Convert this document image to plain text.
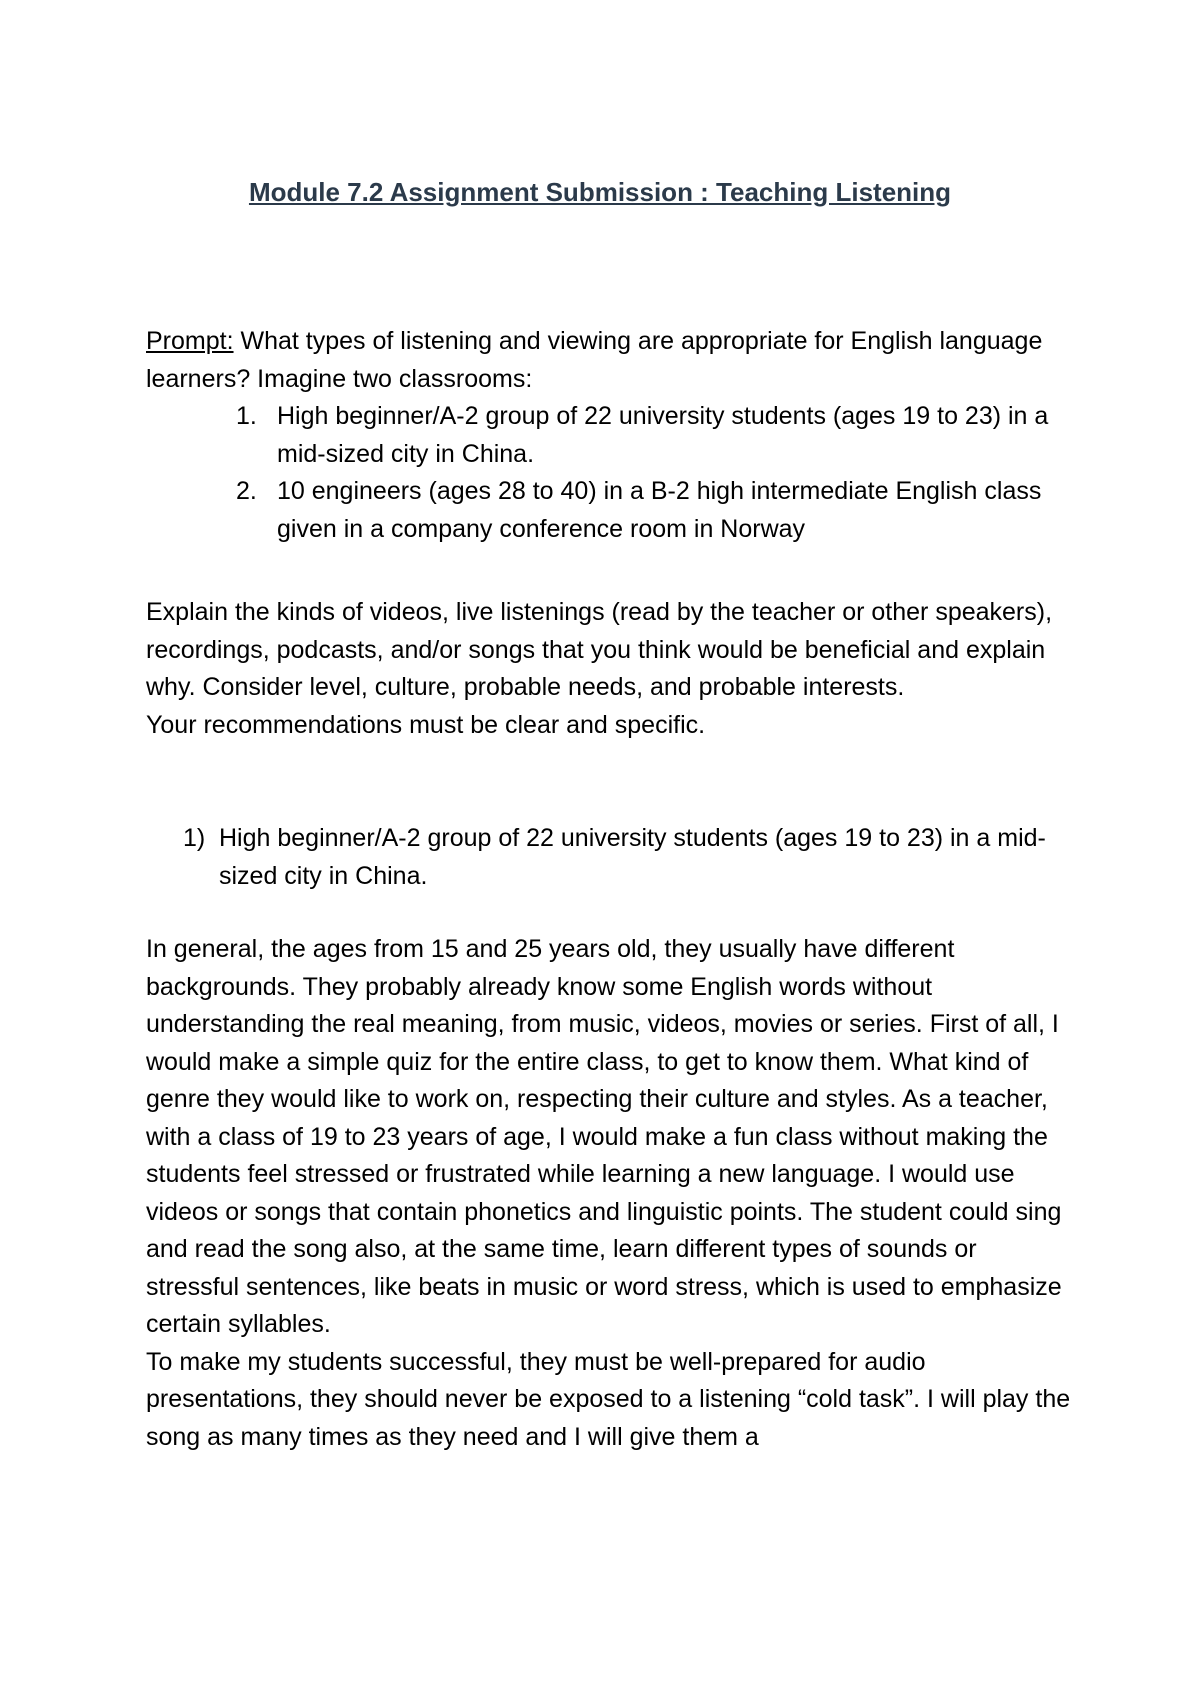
Module 7.2 Assignment Submission : Teaching Listening

Prompt: What types of listening and viewing are appropriate for English language learners? Imagine two classrooms:

1. High beginner/A-2 group of 22 university students (ages 19 to 23) in a mid-sized city in China.
2. 10 engineers (ages 28 to 40) in a B-2 high intermediate English class given in a company conference room in Norway

Explain the kinds of videos, live listenings (read by the teacher or other speakers), recordings, podcasts, and/or songs that you think would be beneficial and explain why. Consider level, culture, probable needs, and probable interests.

Your recommendations must be clear and specific.

1) High beginner/A-2 group of 22 university students (ages 19 to 23) in a mid-sized city in China.

In general, the ages from 15 and 25 years old, they usually have different backgrounds. They probably already know some English words without understanding the real meaning, from music, videos, movies or series. First of all, I would make a simple quiz for the entire class, to get to know them. What kind of genre they would like to work on, respecting their culture and styles. As a teacher, with a class of 19 to 23 years of age, I would make a fun class without making the students feel stressed or frustrated while learning a new language. I would use videos or songs that contain phonetics and linguistic points. The student could sing and read the song also, at the same time, learn different types of sounds or stressful sentences, like beats in music or word stress, which is used to emphasize certain syllables.

To make my students successful, they must be well-prepared for audio presentations, they should never be exposed to a listening “cold task”. I will play the song as many times as they need and I will give them a
